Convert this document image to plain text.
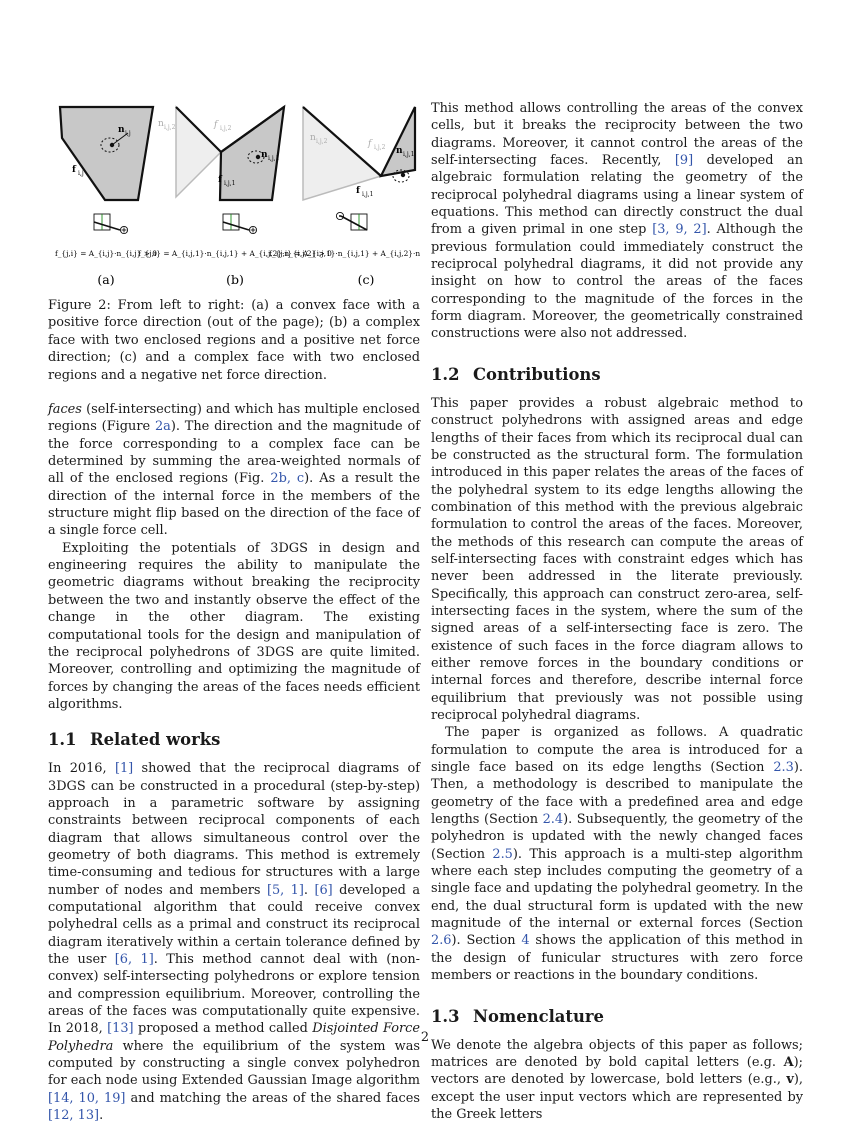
n i,j
f i,j
n i,j,1
f i,j,2
n i,j,2
f i,j,1
n i,j,1
f i,j,2
n i,j,2
f i,j,1
f_{j,i} = A_{i,j}·n_{i,j} > 0
f_{j,i} = A_{i,j,1}·n_{i,j,1} + A_{i,j,2}·n_{i,j,2} > 0
f_{j,i} = A_{i,j,1}·n_{i,j,1} + A_{i,j,2}·n
(a)	(b)	(c)

Figure 2: From left to right: (a) a convex face with a positive force direction (out of the page); (b) a complex face with two enclosed regions and a positive net force direction; (c) and a complex face with two enclosed regions and a negative net force direction.

faces (self-intersecting) and which has multiple enclosed regions (Figure 2a). The direction and the magnitude of the force corresponding to a complex face can be determined by summing the area-weighted normals of all of the enclosed regions (Fig. 2b, c). As a result the direction of the internal force in the members of the structure might flip based on the direction of the face of a single force cell.

Exploiting the potentials of 3DGS in design and engineering requires the ability to manipulate the geometric diagrams without breaking the reciprocity between the two and instantly observe the effect of the change in the other diagram. The existing computational tools for the design and manipulation of the reciprocal polyhedrons of 3DGS are quite limited. Moreover, controlling and optimizing the magnitude of forces by changing the areas of the faces needs efficient algorithms.

1.1 Related works

In 2016, [1] showed that the reciprocal diagrams of 3DGS can be constructed in a procedural (step-by-step) approach in a parametric software by assigning constraints between reciprocal components of each diagram that allows simultaneous control over the geometry of both diagrams. This method is extremely time-consuming and tedious for structures with a large number of nodes and members [5, 1]. [6] developed a computational algorithm that could receive convex polyhedral cells as a primal and construct its reciprocal diagram iteratively within a certain tolerance defined by the user [6, 1]. This method cannot deal with (non-convex) self-intersecting polyhedrons or explore tension and compression equilibrium. Moreover, controlling the areas of the faces was computationally quite expensive. In 2018, [13] proposed a method called Disjointed Force Polyhedra where the equilibrium of the system was computed by constructing a single convex polyhedron for each node using Extended Gaussian Image algorithm [14, 10, 19] and matching the areas of the shared faces [12, 13].

This method allows controlling the areas of the convex cells, but it breaks the reciprocity between the two diagrams. Moreover, it cannot control the areas of the self-intersecting faces. Recently, [9] developed an algebraic formulation relating the geometry of the reciprocal polyhedral diagrams using a linear system of equations. This method can directly construct the dual from a given primal in one step [3, 9, 2]. Although the previous formulation could immediately construct the reciprocal polyhedral diagrams, it did not provide any insight on how to control the areas of the faces corresponding to the magnitude of the forces in the form diagram. Moreover, the geometrically constrained constructions were also not addressed.

1.2 Contributions

This paper provides a robust algebraic method to construct polyhedrons with assigned areas and edge lengths of their faces from which its reciprocal dual can be constructed as the structural form. The formulation introduced in this paper relates the areas of the faces of the polyhedral system to its edge lengths allowing the combination of this method with the previous algebraic formulation to control the areas of the faces. Moreover, the methods of this research can compute the areas of self-intersecting faces with constraint edges which has never been addressed in the literate previously. Specifically, this approach can construct zero-area, self-intersecting faces in the system, where the sum of the signed areas of a self-intersecting face is zero. The existence of such faces in the force diagram allows to either remove forces in the boundary conditions or internal forces and therefore, describe internal force equilibrium that previously was not possible using reciprocal polyhedral diagrams.

The paper is organized as follows. A quadratic formulation to compute the area is introduced for a single face based on its edge lengths (Section 2.3). Then, a methodology is described to manipulate the geometry of the face with a predefined area and edge lengths (Section 2.4). Subsequently, the geometry of the polyhedron is updated with the newly changed faces (Section 2.5). This approach is a multi-step algorithm where each step includes computing the geometry of a single face and updating the polyhedral geometry. In the end, the dual structural form is updated with the new magnitude of the internal or external forces (Section 2.6). Section 4 shows the application of this method in the design of funicular structures with zero force members or reactions in the boundary conditions.

1.3 Nomenclature

We denote the algebra objects of this paper as follows; matrices are denoted by bold capital letters (e.g. A); vectors are denoted by lowercase, bold letters (e.g., v), except the user input vectors which are represented by the Greek letters

2
